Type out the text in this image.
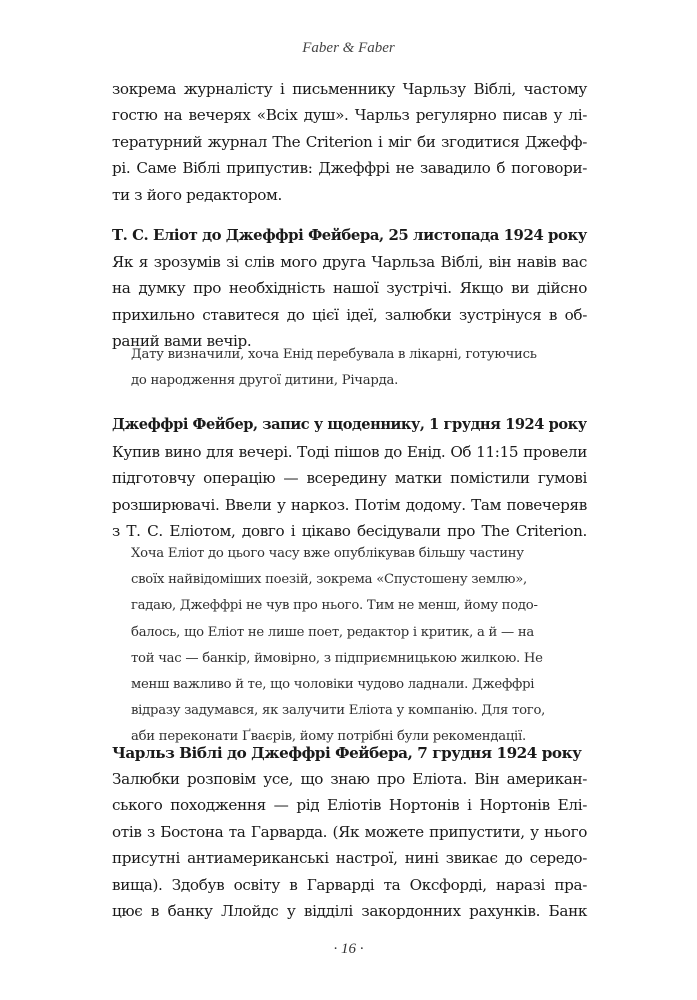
Faber & Faber
зокрема журналісту і письменнику Чарльзу Віблі, частому
гостю на вечерях «Всіх душ». Чарльз регулярно писав у лі-
тературний журнал The Criterion і міг би згодитися Джефф-
рі. Саме Віблі припустив: Джеффрі не завадило б поговори-
ти з його редактором.
Т. С. Еліот до Джеффрі Фейбера, 25 листопада 1924 року
Як я зрозумів зі слів мого друга Чарльза Віблі, він навів вас
на думку про необхідність нашої зустрічі. Якщо ви дійсно
прихильно ставитеся до цієї ідеї, залюбки зустрінуся в об-
раний вами вечір.
Дату визначили, хоча Енід перебувала в лікарні, готуючись
до народження другої дитини, Річарда.
Джеффрі Фейбер, запис у щоденнику, 1 грудня 1924 року
Купив вино для вечері. Тоді пішов до Енід. Об 11:15 провели
підготовчу операцію — всередину матки помістили гумові
розширювачі. Ввели у наркоз. Потім додому. Там повечеряв
з Т. С. Еліотом, довго і цікаво бесідували про The Criterion.
Хоча Еліот до цього часу вже опублікував більшу частину
своїх найвідоміших поезій, зокрема «Спустошену землю»,
гадаю, Джеффрі не чув про нього. Тим не менш, йому подо-
балось, що Еліот не лише поет, редактор і критик, а й — на
той час — банкір, ймовірно, з підприємницькою жилкою. Не
менш важливо й те, що чоловіки чудово ладнали. Джеффрі
відразу задумався, як залучити Еліота у компанію. Для того,
аби переконати Ґваєрів, йому потрібні були рекомендації.
Чарльз Віблі до Джеффрі Фейбера, 7 грудня 1924 року
Залюбки розповім усе, що знаю про Еліота. Він американ-
ського походження — рід Еліотів Нортонів і Нортонів Елі-
отів з Бостона та Гарварда. (Як можете припустити, у нього
присутні антиамериканські настрої, нині звикає до середо-
вища). Здобув освіту в Гарварді та Оксфорді, наразі пра-
цює в банку Ллойдс у відділі закордонних рахунків. Банк
· 16 ·
